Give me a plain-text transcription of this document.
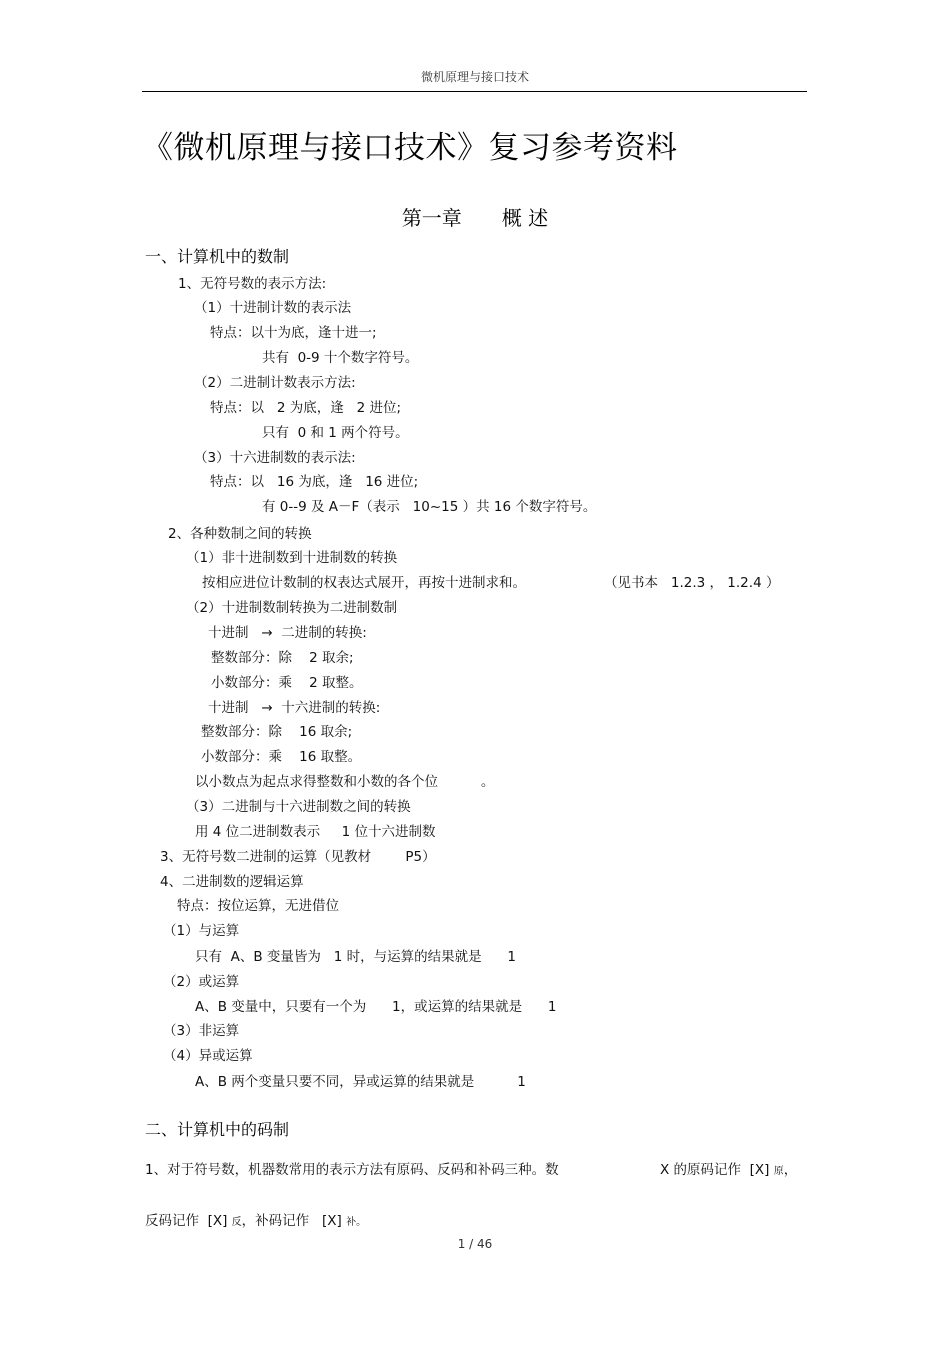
微机原理与接口技术
《微机原理与接口技术》复习参考资料
第一章 概 述
一、计算机中的数制
1、无符号数的表示方法:
（1）十进制计数的表示法
特点：以十为底，逢十进一;
共有  0-9 十个数字符号。
（2）二进制计数表示方法:
特点：以   2 为底，逢   2 进位;
只有  0 和 1 两个符号。
（3）十六进制数的表示法:
特点：以   16 为底，逢   16 进位;
有 0--9 及 A－F（表示   10~15 ）共 16 个数字符号。
2、各种数制之间的转换
（1）非十进制数到十进制数的转换
按相应进位计数制的权表达式展开，再按十进制求和。	（见书本   1.2.3 ， 1.2.4 ）
（2）十进制数制转换为二进制数制
十进制   →  二进制的转换:
整数部分：除    2 取余;
小数部分：乘    2 取整。
十进制   →  十六进制的转换:
整数部分：除    16 取余;
小数部分：乘    16 取整。
以小数点为起点求得整数和小数的各个位          。
（3）二进制与十六进制数之间的转换
用 4 位二进制数表示     1 位十六进制数
3、无符号数二进制的运算（见教材        P5）
4、二进制数的逻辑运算
特点：按位运算，无进借位
（1）与运算
只有  A、B 变量皆为   1 时，与运算的结果就是      1
（2）或运算
A、B 变量中，只要有一个为      1，或运算的结果就是      1
（3）非运算
（4）异或运算
A、B 两个变量只要不同，异或运算的结果就是          1
二、计算机中的码制
1、对于符号数，机器数常用的表示方法有原码、反码和补码三种。数	X 的原码记作  [X] 原，
反码记作  [X] 反，补码记作   [X] 补。
1 / 46
